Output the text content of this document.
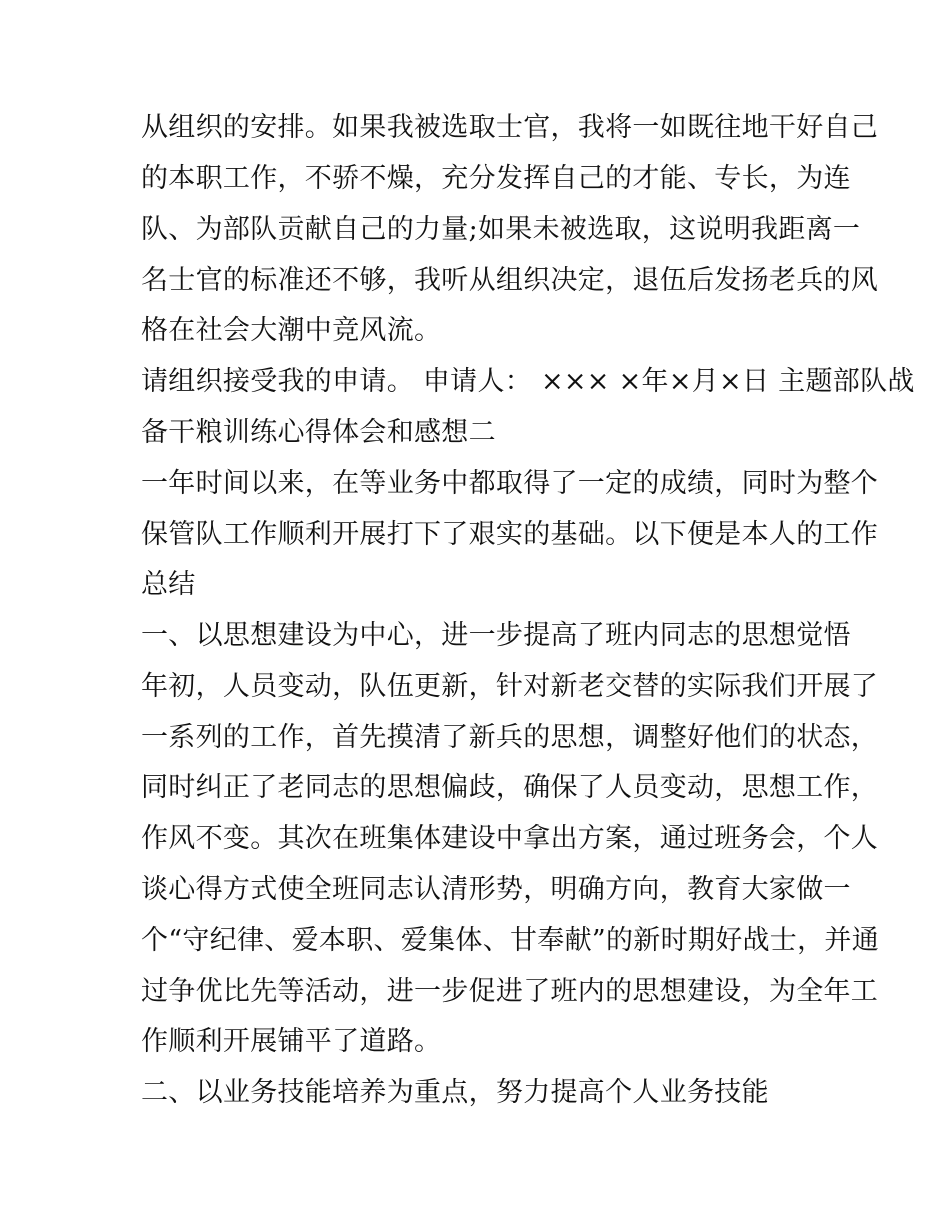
从组织的安排。如果我被选取士官，我将一如既往地干好自己

的本职工作，不骄不燥，充分发挥自己的才能、专长，为连

队、为部队贡献自己的力量;如果未被选取，这说明我距离一

名士官的标准还不够，我听从组织决定，退伍后发扬老兵的风

格在社会大潮中竞风流。

请组织接受我的申请。 申请人： ××× ×年×月×日 主题部队战

备干粮训练心得体会和感想二

一年时间以来，在等业务中都取得了一定的成绩，同时为整个

保管队工作顺利开展打下了艰实的基础。以下便是本人的工作

总结

一、以思想建设为中心，进一步提高了班内同志的思想觉悟

年初，人员变动，队伍更新，针对新老交替的实际我们开展了

一系列的工作，首先摸清了新兵的思想，调整好他们的状态，

同时纠正了老同志的思想偏歧，确保了人员变动，思想工作，

作风不变。其次在班集体建设中拿出方案，通过班务会，个人

谈心得方式使全班同志认清形势，明确方向，教育大家做一

个“守纪律、爱本职、爱集体、甘奉献”的新时期好战士，并通

过争优比先等活动，进一步促进了班内的思想建设，为全年工

作顺利开展铺平了道路。

二、以业务技能培养为重点，努力提高个人业务技能
